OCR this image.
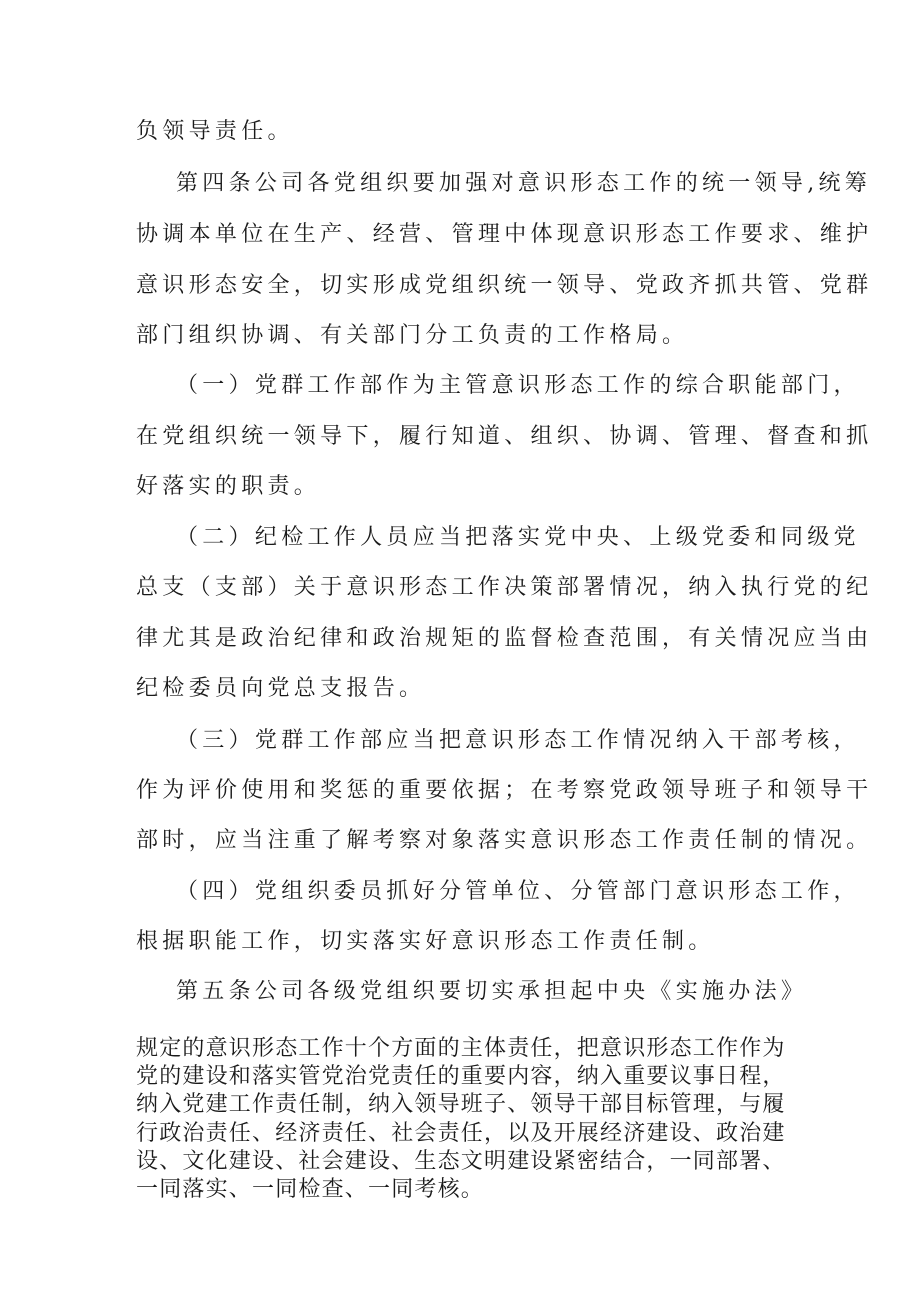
负领导责任。
第四条公司各党组织要加强对意识形态工作的统一领导,统筹
协调本单位在生产、经营、管理中体现意识形态工作要求、维护
意识形态安全，切实形成党组织统一领导、党政齐抓共管、党群
部门组织协调、有关部门分工负责的工作格局。
（一）党群工作部作为主管意识形态工作的综合职能部门，
在党组织统一领导下，履行知道、组织、协调、管理、督查和抓
好落实的职责。
（二）纪检工作人员应当把落实党中央、上级党委和同级党
总支（支部）关于意识形态工作决策部署情况，纳入执行党的纪
律尤其是政治纪律和政治规矩的监督检查范围，有关情况应当由
纪检委员向党总支报告。
（三）党群工作部应当把意识形态工作情况纳入干部考核，
作为评价使用和奖惩的重要依据；在考察党政领导班子和领导干
部时，应当注重了解考察对象落实意识形态工作责任制的情况。
（四）党组织委员抓好分管单位、分管部门意识形态工作，
根据职能工作，切实落实好意识形态工作责任制。
第五条公司各级党组织要切实承担起中央《实施办法》
规定的意识形态工作十个方面的主体责任，把意识形态工作作为
党的建设和落实管党治党责任的重要内容，纳入重要议事日程，
纳入党建工作责任制，纳入领导班子、领导干部目标管理，与履
行政治责任、经济责任、社会责任，以及开展经济建设、政治建
设、文化建设、社会建设、生态文明建设紧密结合，一同部署、
一同落实、一同检查、一同考核。
